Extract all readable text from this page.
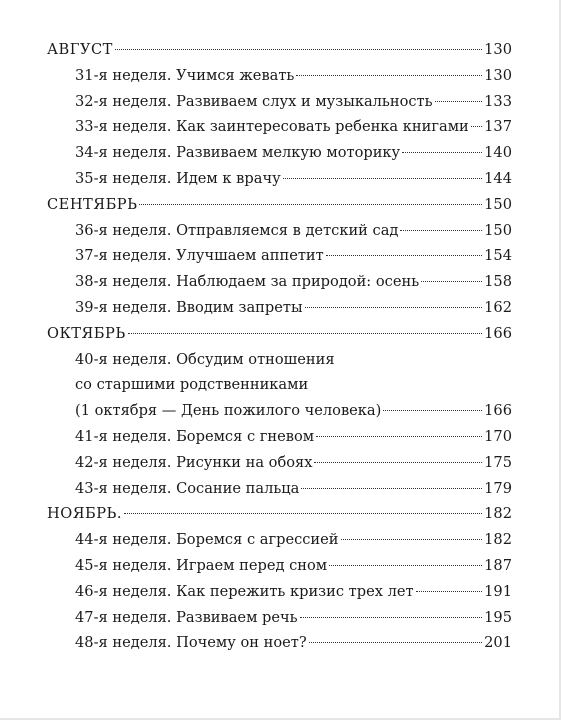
АВГУСТ	130
31-я неделя. Учимся жевать	130
32-я неделя. Развиваем слух и музыкальность	133
33-я неделя. Как заинтересовать ребенка книгами 137
34-я неделя. Развиваем мелкую моторику	140
35-я неделя. Идем к врачу	144
СЕНТЯБРЬ	150
36-я неделя. Отправляемся в детский сад	150
37-я неделя. Улучшаем аппетит	154
38-я неделя. Наблюдаем за природой: осень	158
39-я неделя. Вводим запреты	162
ОКТЯБРЬ	166
40-я неделя. Обсудим отношения
со старшими родственниками
(1 октября — День пожилого человека)	166
41-я неделя. Боремся с гневом	170
42-я неделя. Рисунки на обоях	175
43-я неделя. Сосание пальца	179
НОЯБРЬ.	182
44-я неделя. Боремся с агрессией	182
45-я неделя. Играем перед сном	187
46-я неделя. Как пережить кризис трех лет	191
47-я неделя. Развиваем речь	195
48-я неделя. Почему он ноет?	201
